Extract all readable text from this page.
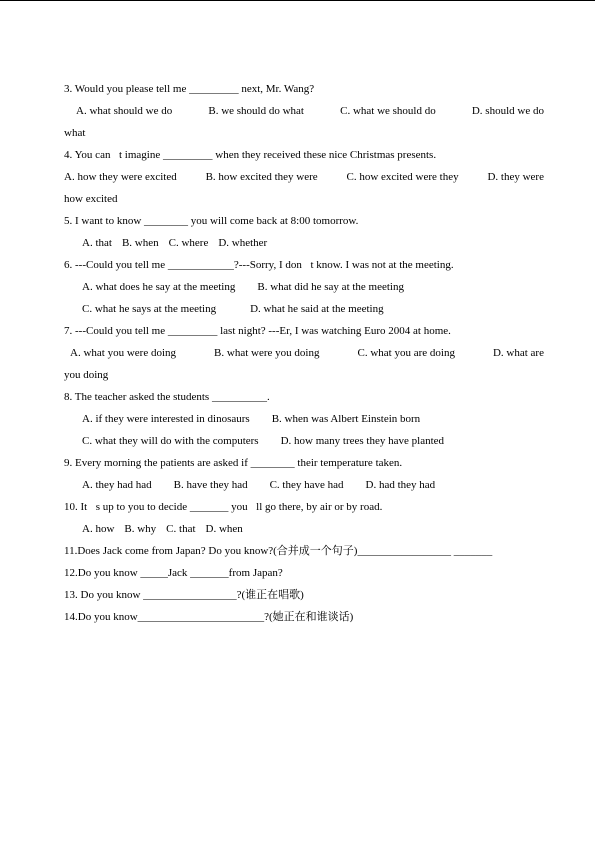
3. Would you please tell me _________ next, Mr. Wang?
A. what should we do	B. we should do what	C. what we should do	D. should we do
what
4. You can t imagine _________ when they received these nice Christmas presents.
A. how they were excited	B. how excited they were	C. how excited were they	D. they were
how excited
5. I want to know ________ you will come back at 8:00 tomorrow.
A. that B. when C. where D. whether
6. ---Could you tell me ____________?---Sorry, I don t know. I was not at the meeting.
A. what does he say at the meeting B. what did he say at the meeting
C. what he says at the meeting	D. what he said at the meeting
7. ---Could you tell me _________ last night? ---Er, I was watching Euro 2004 at home.
A. what you were doing	B. what were you doing	C. what you are doing	D. what are
you doing
8. The teacher asked the students __________.
A. if they were interested in dinosaurs B. when was Albert Einstein born
C. what they will do with the computers D. how many trees they have planted
9. Every morning the patients are asked if ________ their temperature taken.
A. they had had B. have they had C. they have had D. had they had
10. It s up to you to decide _______ you ll go there, by air or by road.
A. how B. why C. that D. when
11.Does Jack come from Japan? Do you know?(合并成一个句子)_________________ _______
12.Do you know _____Jack _______from Japan?
13. Do you know _________________?(谁正在唱歌)
14.Do you know_______________________?(她正在和谁谈话)
